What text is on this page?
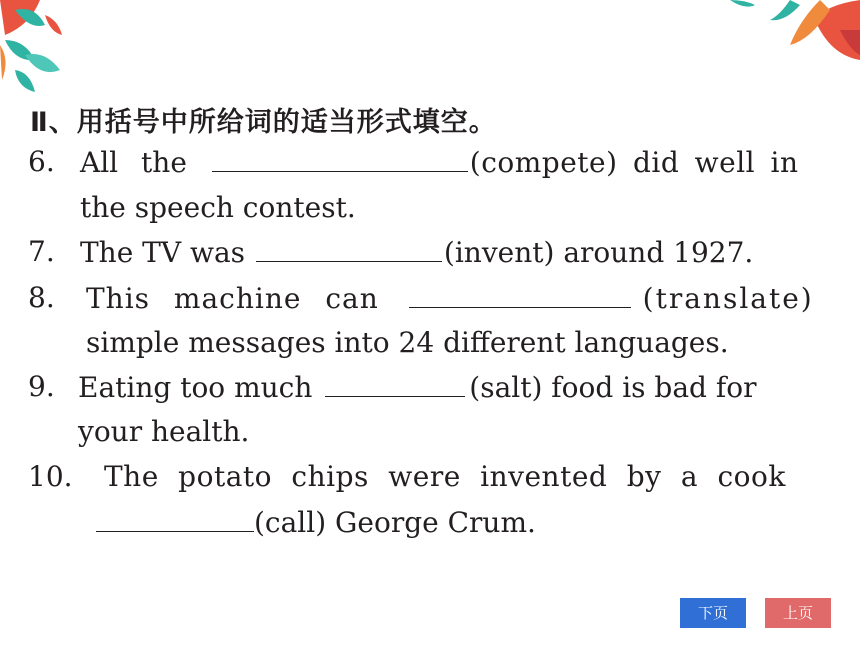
Ⅱ、用括号中所给词的适当形式填空。
6. All the	(compete) did well in
the speech contest.
7. The TV was	(invent) around 1927.
8. This machine can	(translate)
simple messages into 24 different languages.
9. Eating too much	(salt) food is bad for
your health.
10. The potato chips were invented by a cook
(call) George Crum.
下页	上页
